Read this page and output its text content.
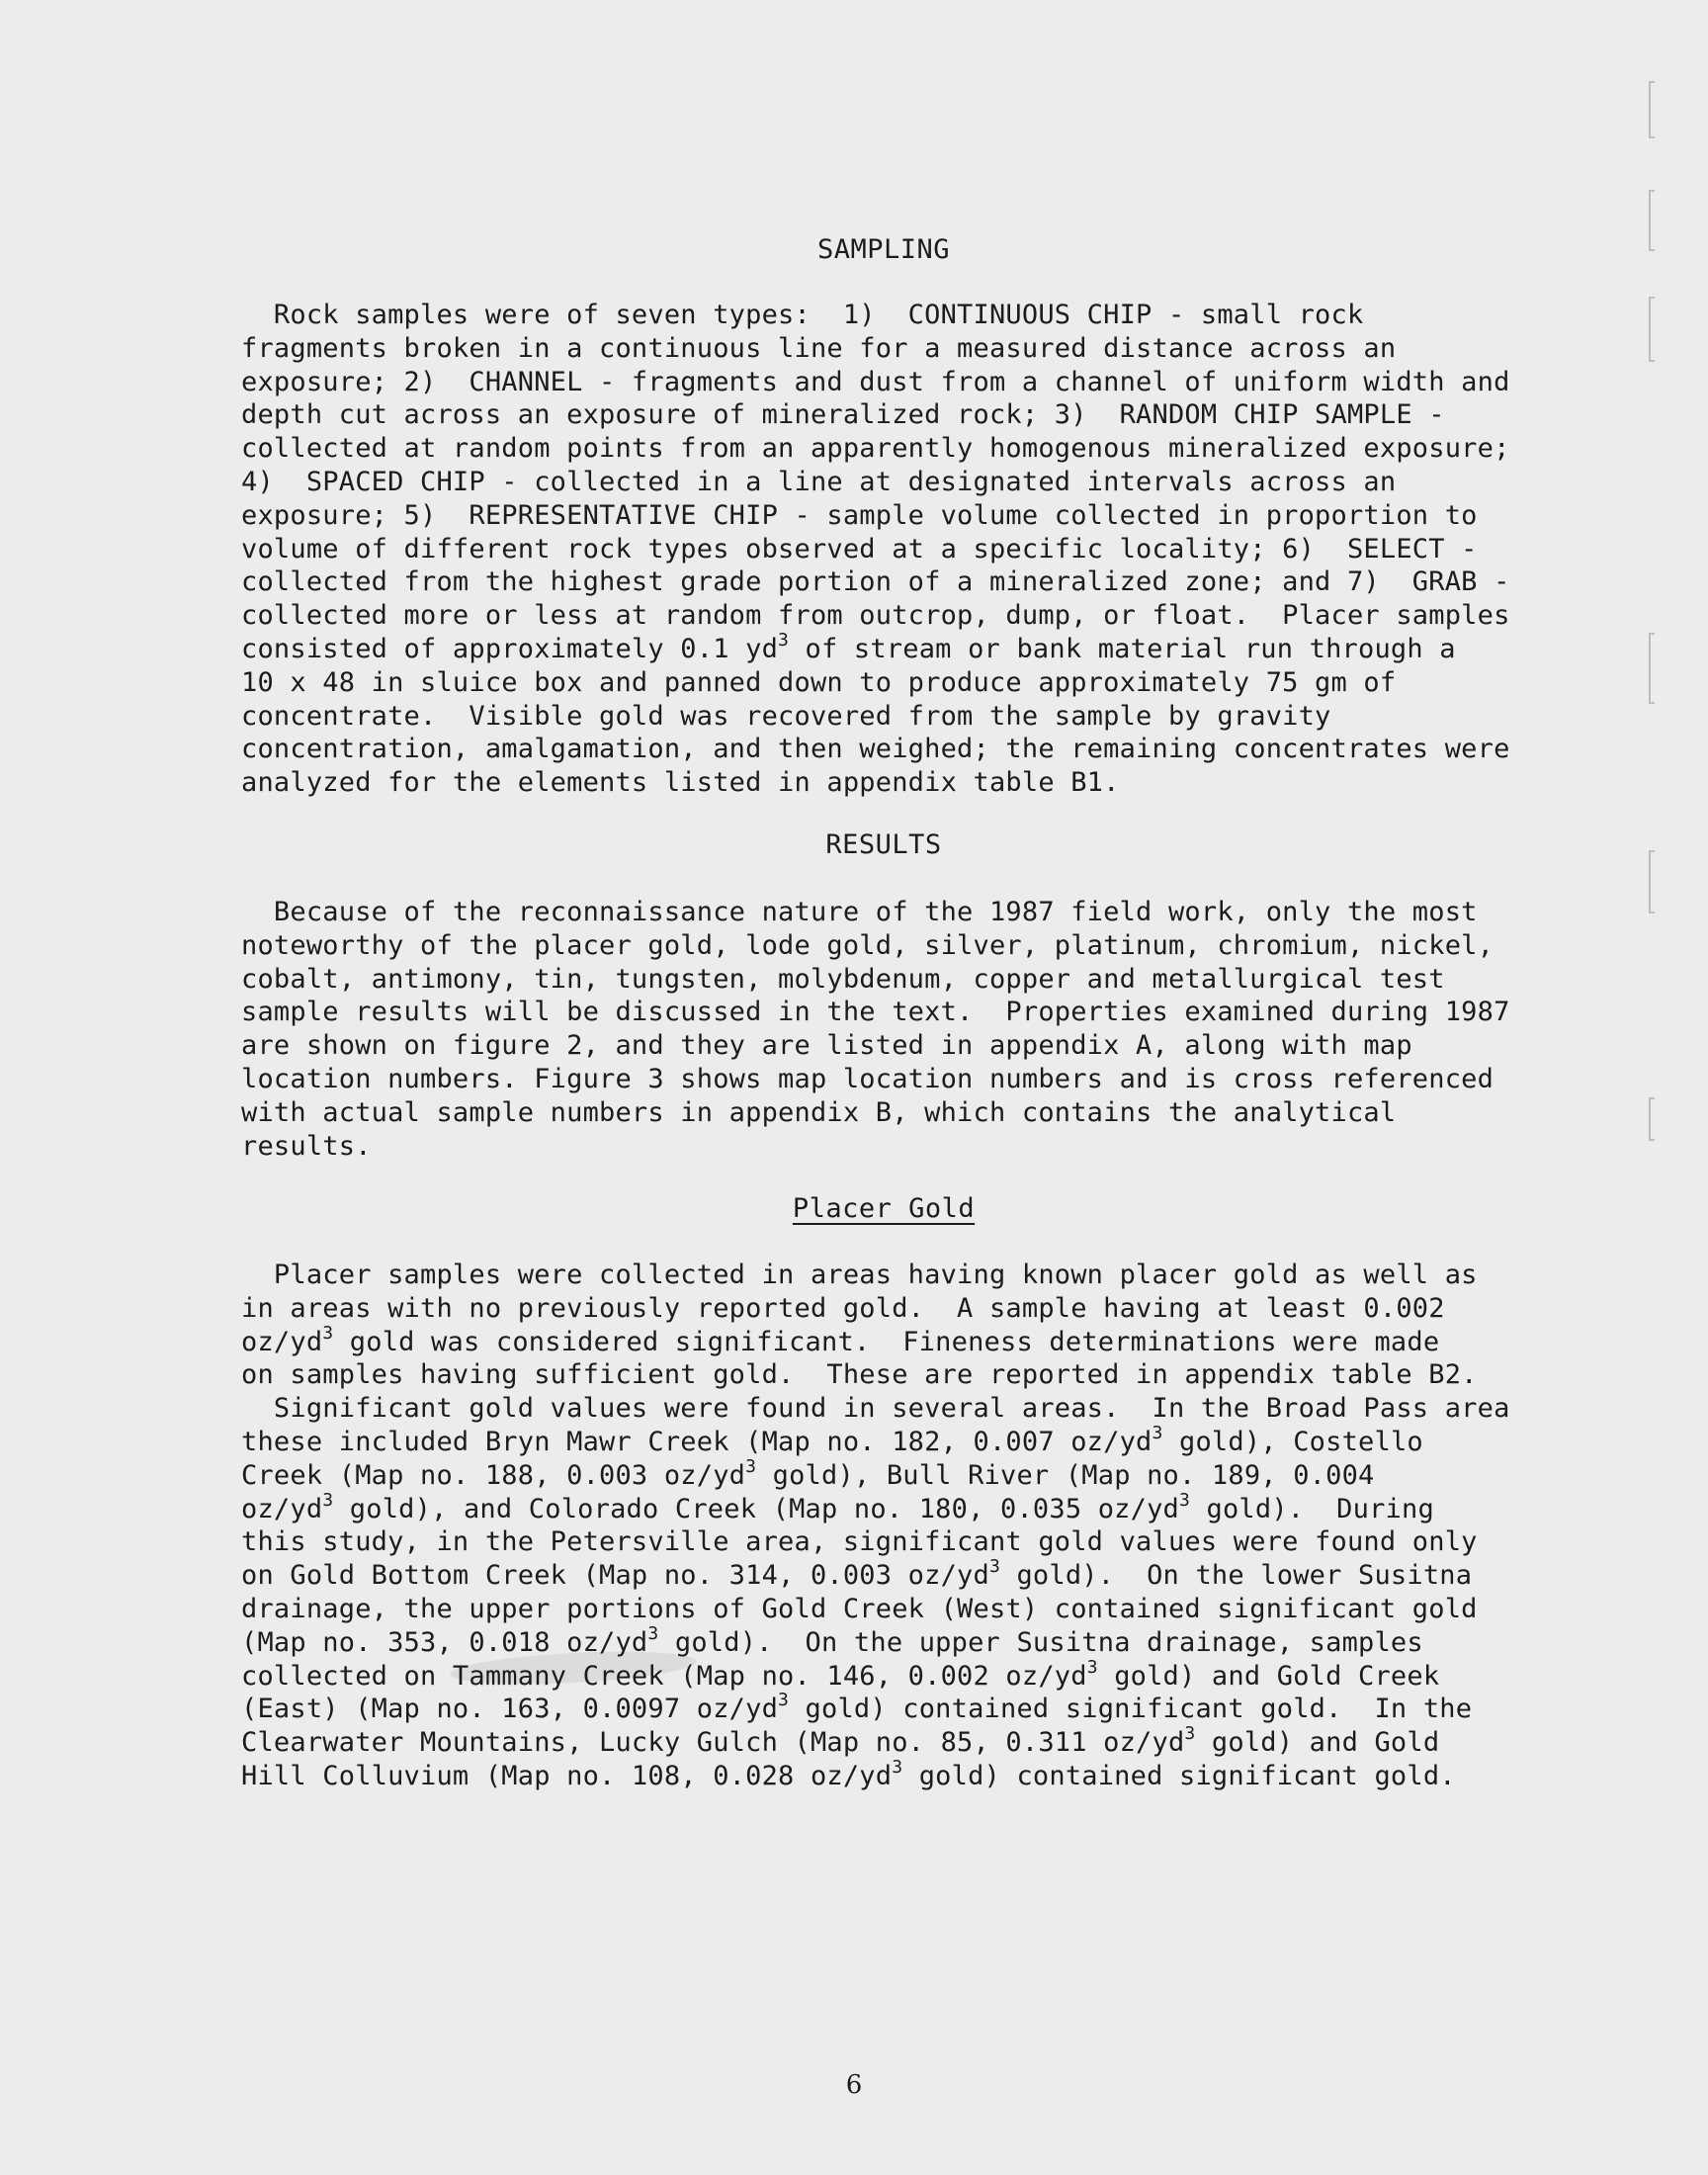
SAMPLING
Rock samples were of seven types:  1)  CONTINUOUS CHIP - small rock
fragments broken in a continuous line for a measured distance across an
exposure; 2)  CHANNEL - fragments and dust from a channel of uniform width and
depth cut across an exposure of mineralized rock; 3)  RANDOM CHIP SAMPLE -
collected at random points from an apparently homogenous mineralized exposure;
4)  SPACED CHIP - collected in a line at designated intervals across an
exposure; 5)  REPRESENTATIVE CHIP - sample volume collected in proportion to
volume of different rock types observed at a specific locality; 6)  SELECT -
collected from the highest grade portion of a mineralized zone; and 7)  GRAB -
collected more or less at random from outcrop, dump, or float.  Placer samples
consisted of approximately 0.1 $yd^3$ of stream or bank material run through a
10 x 48 in sluice box and panned down to produce approximately 75 gm of
concentrate.  Visible gold was recovered from the sample by gravity
concentration, amalgamation, and then weighed; the remaining concentrates were
analyzed for the elements listed in appendix table B1.
RESULTS
Because of the reconnaissance nature of the 1987 field work, only the most
noteworthy of the placer gold, lode gold, silver, platinum, chromium, nickel,
cobalt, antimony, tin, tungsten, molybdenum, copper and metallurgical test
sample results will be discussed in the text.  Properties examined during 1987
are shown on figure 2, and they are listed in appendix A, along with map
location numbers. Figure 3 shows map location numbers and is cross referenced
with actual sample numbers in appendix B, which contains the analytical
results.
Placer Gold
Placer samples were collected in areas having known placer gold as well as
in areas with no previously reported gold.  A sample having at least 0.002
$oz/yd^3$ gold was considered significant.  Fineness determinations were made
on samples having sufficient gold.  These are reported in appendix table B2.
Significant gold values were found in several areas.  In the Broad Pass area
these included Bryn Mawr Creek (Map no. 182, 0.007 $oz/yd^3$ gold), Costello
Creek (Map no. 188, 0.003 $oz/yd^3$ gold), Bull River (Map no. 189, 0.004
$oz/yd^3$ gold), and Colorado Creek (Map no. 180, 0.035 $oz/yd^3$ gold).  During
this study, in the Petersville area, significant gold values were found only
on Gold Bottom Creek (Map no. 314, 0.003 $oz/yd^3$ gold).  On the lower Susitna
drainage, the upper portions of Gold Creek (West) contained significant gold
(Map no. 353, 0.018 $oz/yd^3$ gold).  On the upper Susitna drainage, samples
collected on Tammany Creek (Map no. 146, 0.002 $oz/yd^3$ gold) and Gold Creek
(East) (Map no. 163, 0.0097 $oz/yd^3$ gold) contained significant gold.  In the
Clearwater Mountains, Lucky Gulch (Map no. 85, 0.311 $oz/yd^3$ gold) and Gold
Hill Colluvium (Map no. 108, 0.028 $oz/yd^3$ gold) contained significant gold.
6
